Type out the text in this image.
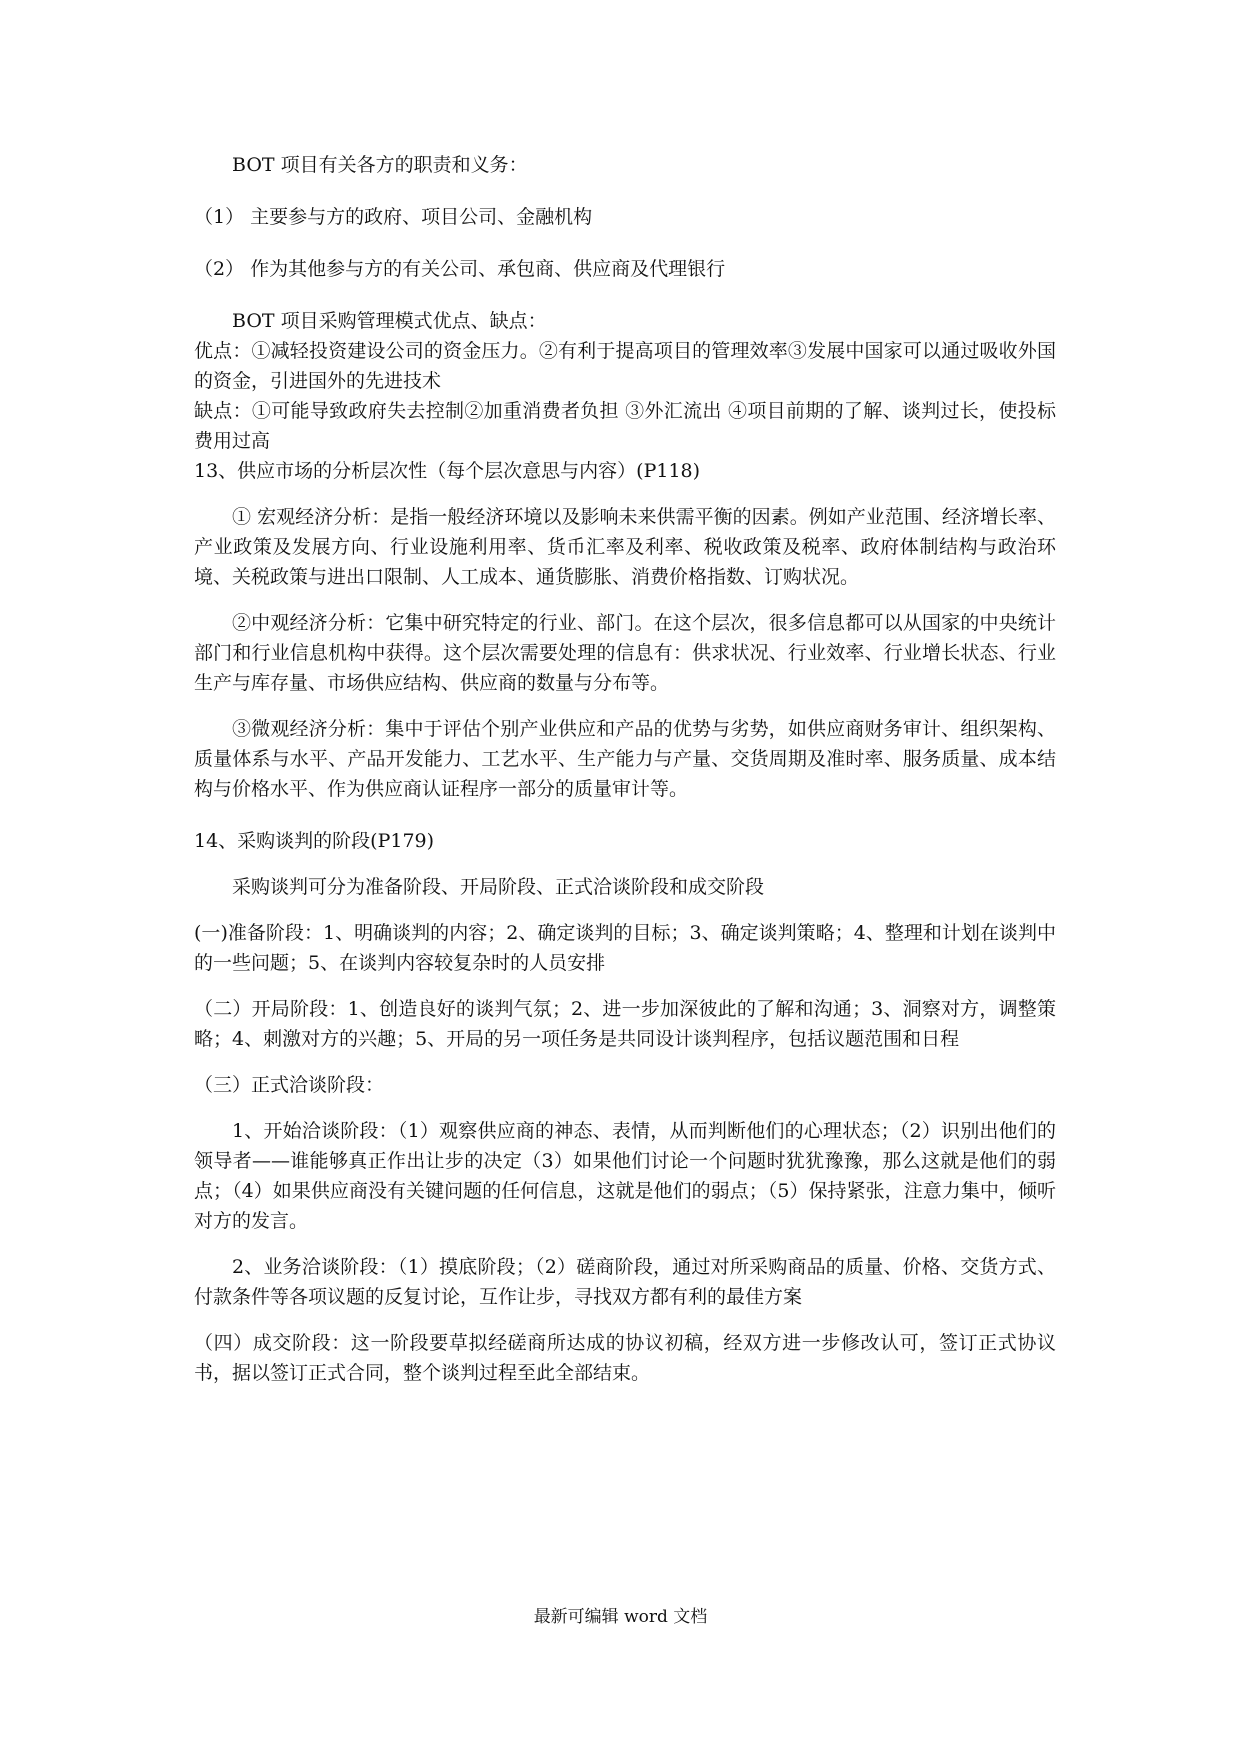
BOT 项目有关各方的职责和义务：

（1） 主要参与方的政府、项目公司、金融机构

（2） 作为其他参与方的有关公司、承包商、供应商及代理银行

BOT 项目采购管理模式优点、缺点：

优点：①减轻投资建设公司的资金压力。②有利于提高项目的管理效率③发展中国家可以通过吸收外国的资金，引进国外的先进技术

缺点：①可能导致政府失去控制②加重消费者负担 ③外汇流出 ④项目前期的了解、谈判过长，使投标费用过高

13、供应市场的分析层次性（每个层次意思与内容）(P118)

① 宏观经济分析：是指一般经济环境以及影响未来供需平衡的因素。例如产业范围、经济增长率、产业政策及发展方向、行业设施利用率、货币汇率及利率、税收政策及税率、政府体制结构与政治环境、关税政策与进出口限制、人工成本、通货膨胀、消费价格指数、订购状况。

②中观经济分析：它集中研究特定的行业、部门。在这个层次，很多信息都可以从国家的中央统计部门和行业信息机构中获得。这个层次需要处理的信息有：供求状况、行业效率、行业增长状态、行业生产与库存量、市场供应结构、供应商的数量与分布等。

③微观经济分析：集中于评估个别产业供应和产品的优势与劣势，如供应商财务审计、组织架构、质量体系与水平、产品开发能力、工艺水平、生产能力与产量、交货周期及准时率、服务质量、成本结构与价格水平、作为供应商认证程序一部分的质量审计等。

14、采购谈判的阶段(P179)

采购谈判可分为准备阶段、开局阶段、正式洽谈阶段和成交阶段

(一)准备阶段：1、明确谈判的内容；2、确定谈判的目标；3、确定谈判策略；4、整理和计划在谈判中的一些问题；5、在谈判内容较复杂时的人员安排

（二）开局阶段：1、创造良好的谈判气氛；2、进一步加深彼此的了解和沟通；3、洞察对方，调整策略；4、刺激对方的兴趣；5、开局的另一项任务是共同设计谈判程序，包括议题范围和日程

（三）正式洽谈阶段：

1、开始洽谈阶段：（1）观察供应商的神态、表情，从而判断他们的心理状态；（2）识别出他们的领导者——谁能够真正作出让步的决定（3）如果他们讨论一个问题时犹犹豫豫，那么这就是他们的弱点；（4）如果供应商没有关键问题的任何信息，这就是他们的弱点；（5）保持紧张，注意力集中，倾听对方的发言。

2、业务洽谈阶段：（1）摸底阶段；（2）磋商阶段，通过对所采购商品的质量、价格、交货方式、付款条件等各项议题的反复讨论，互作让步，寻找双方都有利的最佳方案

（四）成交阶段：这一阶段要草拟经磋商所达成的协议初稿，经双方进一步修改认可，签订正式协议书，据以签订正式合同，整个谈判过程至此全部结束。

最新可编辑 word 文档
